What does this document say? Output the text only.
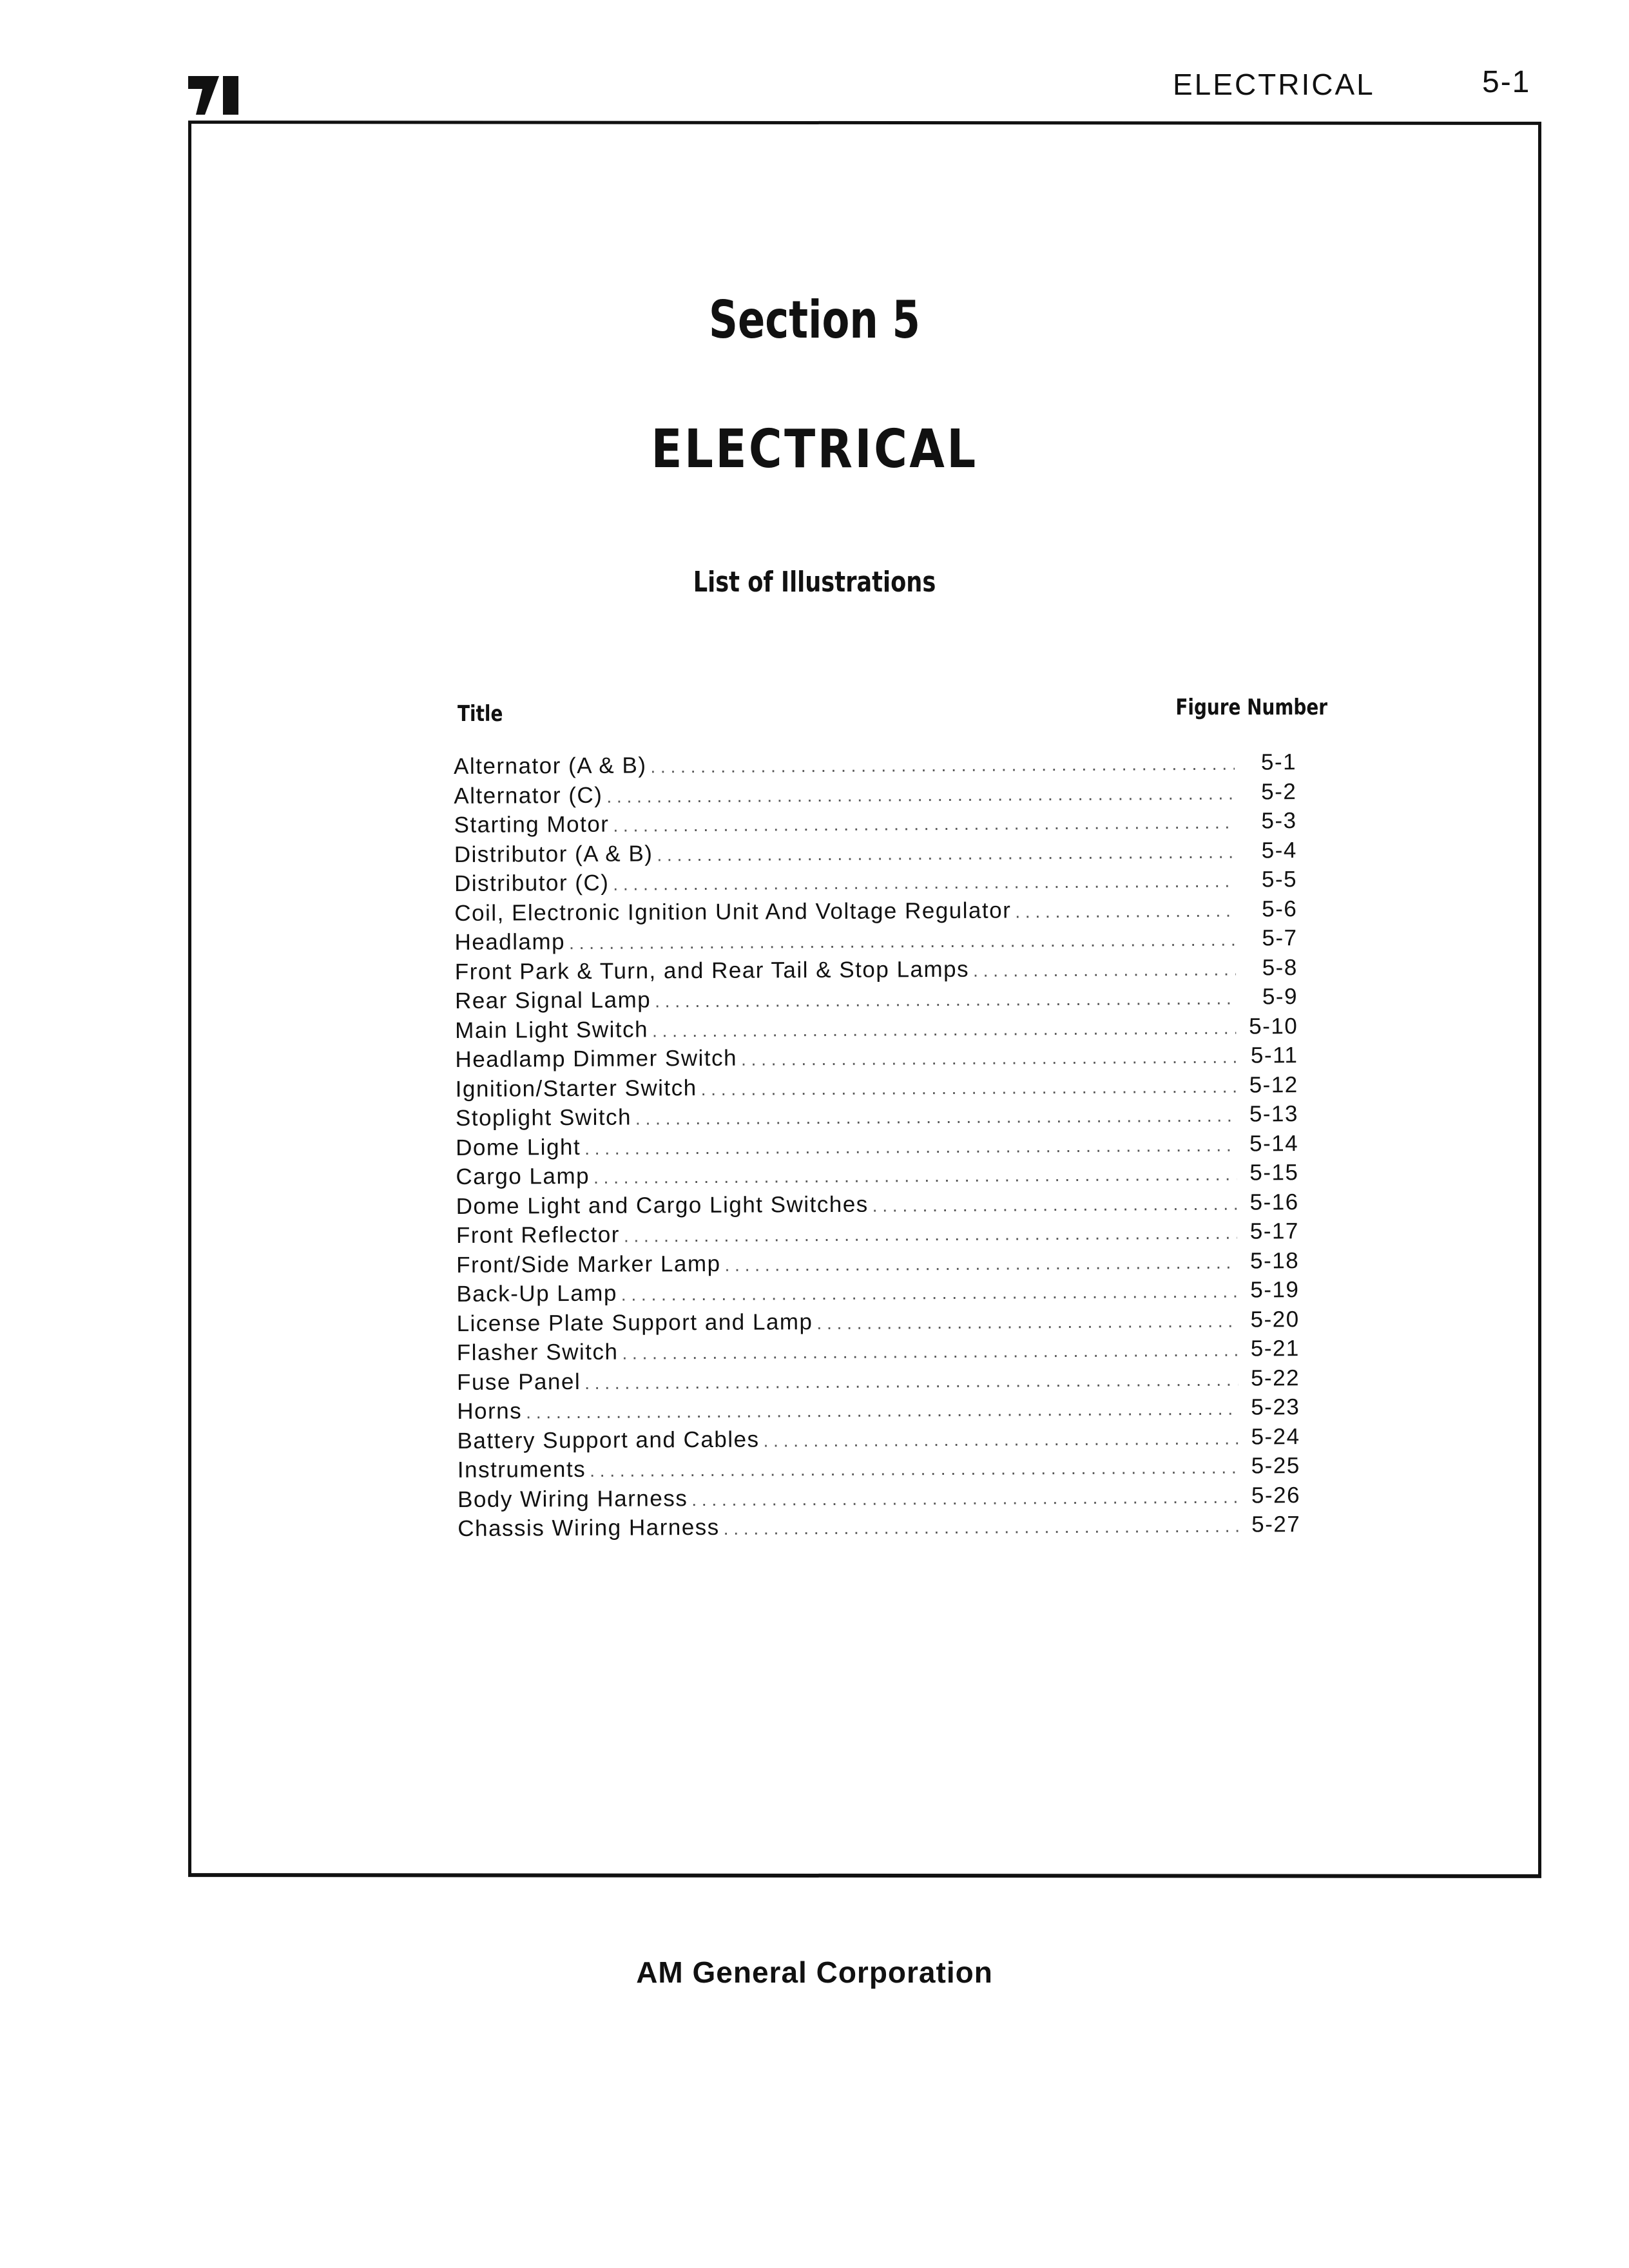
ELECTRICAL	5-1
Section 5
ELECTRICAL
List of Illustrations
Title	Figure Number
Alternator (A & B) . . .	5-1
Alternator (C) . . .	5-2
Starting Motor . . .	5-3
Distributor (A & B) . . .	5-4
Distributor (C) . . .	5-5
Coil, Electronic Ignition Unit And Voltage Regulator . . .	5-6
Headlamp . . .	5-7
Front Park & Turn, and Rear Tail & Stop Lamps . . .	5-8
Rear Signal Lamp . . .	5-9
Main Light Switch . . .	5-10
Headlamp Dimmer Switch . . .	5-11
Ignition/Starter Switch . . .	5-12
Stoplight Switch . . .	5-13
Dome Light . . .	5-14
Cargo Lamp . . .	5-15
Dome Light and Cargo Light Switches . . .	5-16
Front Reflector . . .	5-17
Front/Side Marker Lamp . . .	5-18
Back-Up Lamp . . .	5-19
License Plate Support and Lamp . . .	5-20
Flasher Switch . . .	5-21
Fuse Panel . . .	5-22
Horns . . .	5-23
Battery Support and Cables . . .	5-24
Instruments . . .	5-25
Body Wiring Harness . . .	5-26
Chassis Wiring Harness . . .	5-27
AM General Corporation
